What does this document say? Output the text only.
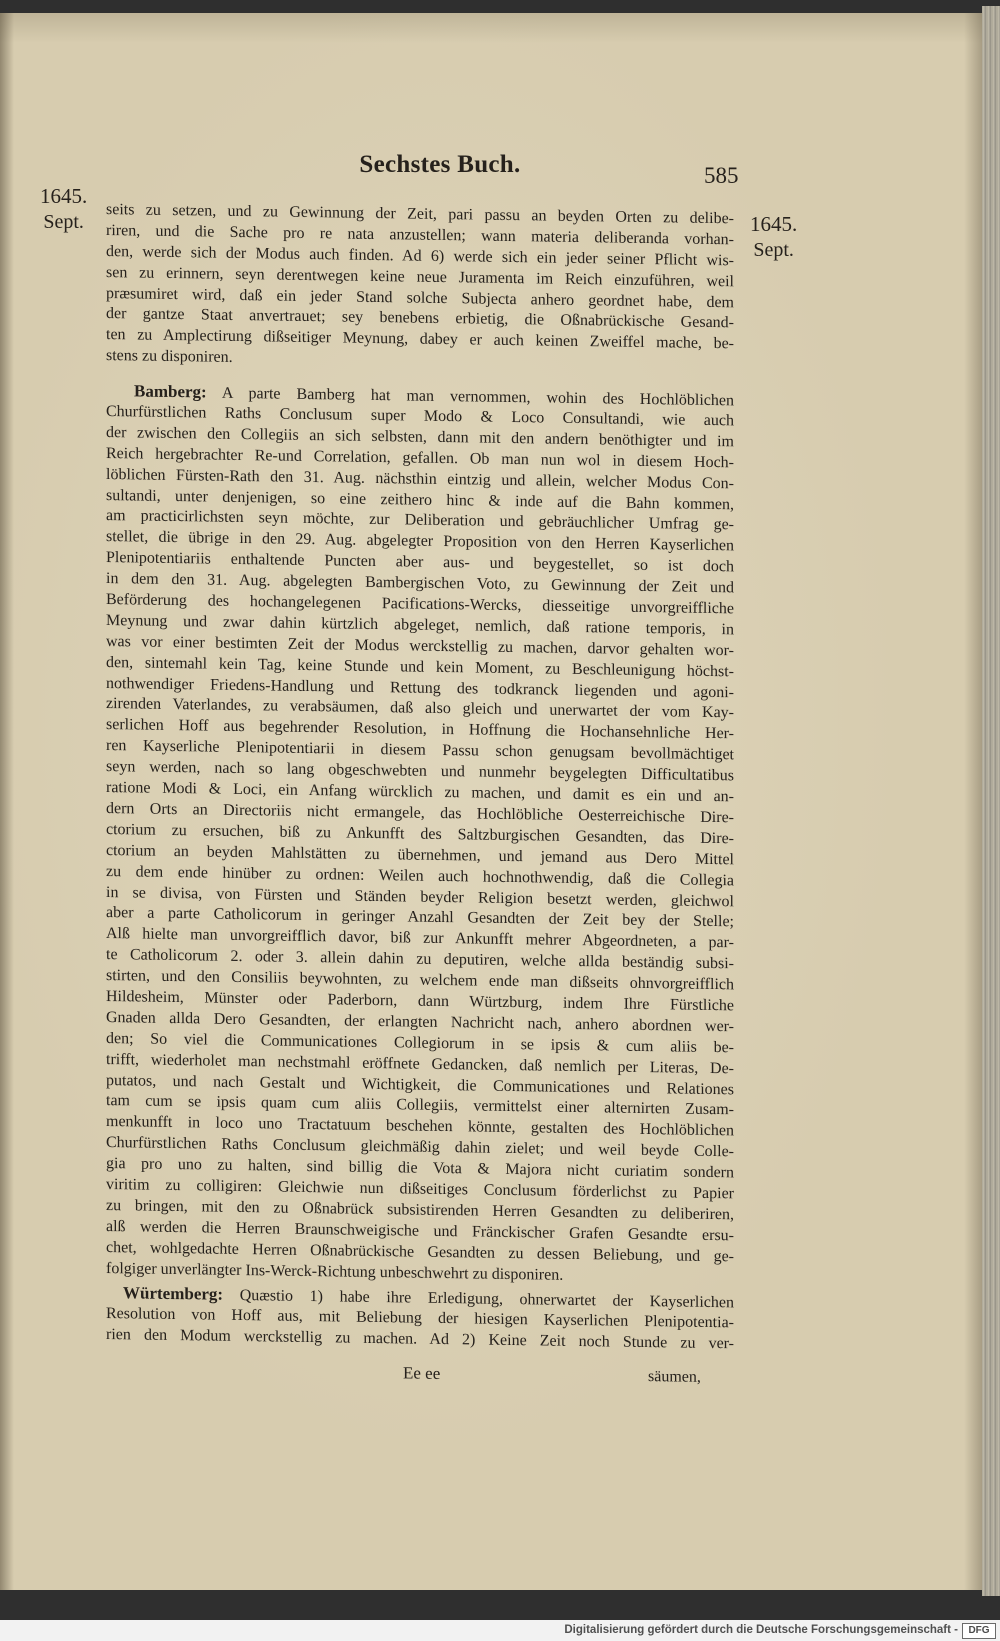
Sechstes Buch.	585
1645.
Sept.	1645.
Sept.
seits zu setzen, und zu Gewinnung der Zeit, pari passu an beyden Orten zu delibe-
riren, und die Sache pro re nata anzustellen; wann materia deliberanda vorhan-
den, werde sich der Modus auch finden. Ad 6) werde sich ein jeder seiner Pflicht wis-
sen zu erinnern, seyn derentwegen keine neue Juramenta im Reich einzuführen, weil
præsumiret wird, daß ein jeder Stand solche Subjecta anhero geordnet habe, dem
der gantze Staat anvertrauet; sey benebens erbietig, die Oßnabrückische Gesand-
ten zu Amplectirung dißseitiger Meynung, dabey er auch keinen Zweiffel mache, be-
stens zu disponiren.
Bamberg: A parte Bamberg hat man vernommen, wohin des Hochlöblichen
Churfürstlichen Raths Conclusum super Modo & Loco Consultandi, wie auch
der zwischen den Collegiis an sich selbsten, dann mit den andern benöthigter und im
Reich hergebrachter Re-und Correlation, gefallen. Ob man nun wol in diesem Hoch-
löblichen Fürsten-Rath den 31. Aug. nächsthin eintzig und allein, welcher Modus Con-
sultandi, unter denjenigen, so eine zeithero hinc & inde auf die Bahn kommen,
am practicirlichsten seyn möchte, zur Deliberation und gebräuchlicher Umfrag ge-
stellet, die übrige in den 29. Aug. abgelegter Proposition von den Herren Kayserlichen
Plenipotentiariis enthaltende Puncten aber aus- und beygestellet, so ist doch
in dem den 31. Aug. abgelegten Bambergischen Voto, zu Gewinnung der Zeit und
Beförderung des hochangelegenen Pacifications-Wercks, diesseitige unvorgreiffliche
Meynung und zwar dahin kürtzlich abgeleget, nemlich, daß ratione temporis, in
was vor einer bestimten Zeit der Modus werckstellig zu machen, darvor gehalten wor-
den, sintemahl kein Tag, keine Stunde und kein Moment, zu Beschleunigung höchst-
nothwendiger Friedens-Handlung und Rettung des todkranck liegenden und agoni-
zirenden Vaterlandes, zu verabsäumen, daß also gleich und unerwartet der vom Kay-
serlichen Hoff aus begehrender Resolution, in Hoffnung die Hochansehnliche Her-
ren Kayserliche Plenipotentiarii in diesem Passu schon genugsam bevollmächtiget
seyn werden, nach so lang obgeschwebten und nunmehr beygelegten Difficultatibus
ratione Modi & Loci, ein Anfang würcklich zu machen, und damit es ein und an-
dern Orts an Directoriis nicht ermangele, das Hochlöbliche Oesterreichische Dire-
ctorium zu ersuchen, biß zu Ankunfft des Saltzburgischen Gesandten, das Dire-
ctorium an beyden Mahlstätten zu übernehmen, und jemand aus Dero Mittel
zu dem ende hinüber zu ordnen: Weilen auch hochnothwendig, daß die Collegia
in se divisa, von Fürsten und Ständen beyder Religion besetzt werden, gleichwol
aber a parte Catholicorum in geringer Anzahl Gesandten der Zeit bey der Stelle;
Alß hielte man unvorgreifflich davor, biß zur Ankunfft mehrer Abgeordneten, a par-
te Catholicorum 2. oder 3. allein dahin zu deputiren, welche allda beständig subsi-
stirten, und den Consiliis beywohnten, zu welchem ende man dißseits ohnvorgreifflich
Hildesheim, Münster oder Paderborn, dann Würtzburg, indem Ihre Fürstliche
Gnaden allda Dero Gesandten, der erlangten Nachricht nach, anhero abordnen wer-
den; So viel die Communicationes Collegiorum in se ipsis & cum aliis be-
trifft, wiederholet man nechstmahl eröffnete Gedancken, daß nemlich per Literas, De-
putatos, und nach Gestalt und Wichtigkeit, die Communicationes und Relationes
tam cum se ipsis quam cum aliis Collegiis, vermittelst einer alternirten Zusam-
menkunfft in loco uno Tractatuum beschehen könnte, gestalten des Hochlöblichen
Churfürstlichen Raths Conclusum gleichmäßig dahin zielet; und weil beyde Colle-
gia pro uno zu halten, sind billig die Vota & Majora nicht curiatim sondern
viritim zu colligiren: Gleichwie nun dißseitiges Conclusum förderlichst zu Papier
zu bringen, mit den zu Oßnabrück subsistirenden Herren Gesandten zu deliberiren,
alß werden die Herren Braunschweigische und Fränckischer Grafen Gesandte ersu-
chet, wohlgedachte Herren Oßnabrückische Gesandten zu dessen Beliebung, und ge-
folgiger unverlängter Ins-Werck-Richtung unbeschwehrt zu disponiren.
Würtemberg: Quæstio 1) habe ihre Erledigung, ohnerwartet der Kayserlichen
Resolution von Hoff aus, mit Beliebung der hiesigen Kayserlichen Plenipotentia-
rien den Modum werckstellig zu machen. Ad 2) Keine Zeit noch Stunde zu ver-
Ee ee	säumen,
Digitalisierung gefördert durch die Deutsche Forschungsgemeinschaft -	DFG
